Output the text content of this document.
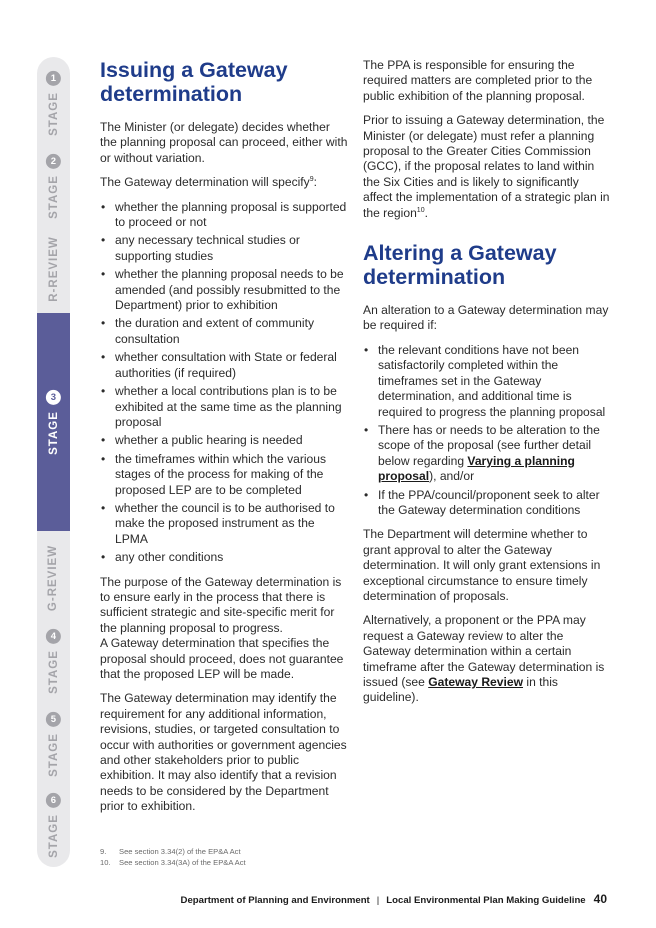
STAGE
1
STAGE
2
R-REVIEW
STAGE
3
G-REVIEW
STAGE
4
STAGE
5
STAGE
6
Issuing a Gateway determination

The Minister (or delegate) decides whether the planning proposal can proceed, either with or without variation.

The Gateway determination will specify$^9$:

• whether the planning proposal is supported to proceed or not
• any necessary technical studies or supporting studies
• whether the planning proposal needs to be amended (and possibly resubmitted to the Department) prior to exhibition
• the duration and extent of community consultation
• whether consultation with State or federal authorities (if required)
• whether a local contributions plan is to be exhibited at the same time as the planning proposal
• whether a public hearing is needed
• the timeframes within which the various stages of the process for making of the proposed LEP are to be completed
• whether the council is to be authorised to make the proposed instrument as the LPMA
• any other conditions

The purpose of the Gateway determination is to ensure early in the process that there is sufficient strategic and site-specific merit for the planning proposal to progress.

A Gateway determination that specifies the proposal should proceed, does not guarantee that the proposed LEP will be made.

The Gateway determination may identify the requirement for any additional information, revisions, studies, or targeted consultation to occur with authorities or government agencies and other stakeholders prior to public exhibition. It may also identify that a revision needs to be considered by the Department prior to exhibition.

The PPA is responsible for ensuring the required matters are completed prior to the public exhibition of the planning proposal.

Prior to issuing a Gateway determination, the Minister (or delegate) must refer a planning proposal to the Greater Cities Commission (GCC), if the proposal relates to land within the Six Cities and is likely to significantly affect the implementation of a strategic plan in the region$^{10}$.

Altering a Gateway determination

An alteration to a Gateway determination may be required if:

• the relevant conditions have not been satisfactorily completed within the timeframes set in the Gateway determination, and additional time is required to progress the planning proposal
• There has or needs to be alteration to the scope of the proposal (see further detail below regarding Varying a planning proposal), and/or
• If the PPA/council/proponent seek to alter the Gateway determination conditions

The Department will determine whether to grant approval to alter the Gateway determination. It will only grant extensions in exceptional circumstance to ensure timely determination of proposals.

Alternatively, a proponent or the PPA may request a Gateway review to alter the Gateway determination within a certain timeframe after the Gateway determination is issued (see Gateway Review in this guideline).

9.	See section 3.34(2) of the EP&A Act
10.	See section 3.34(3A) of the EP&A Act
Department of Planning and Environment | Local Environmental Plan Making Guideline 40
